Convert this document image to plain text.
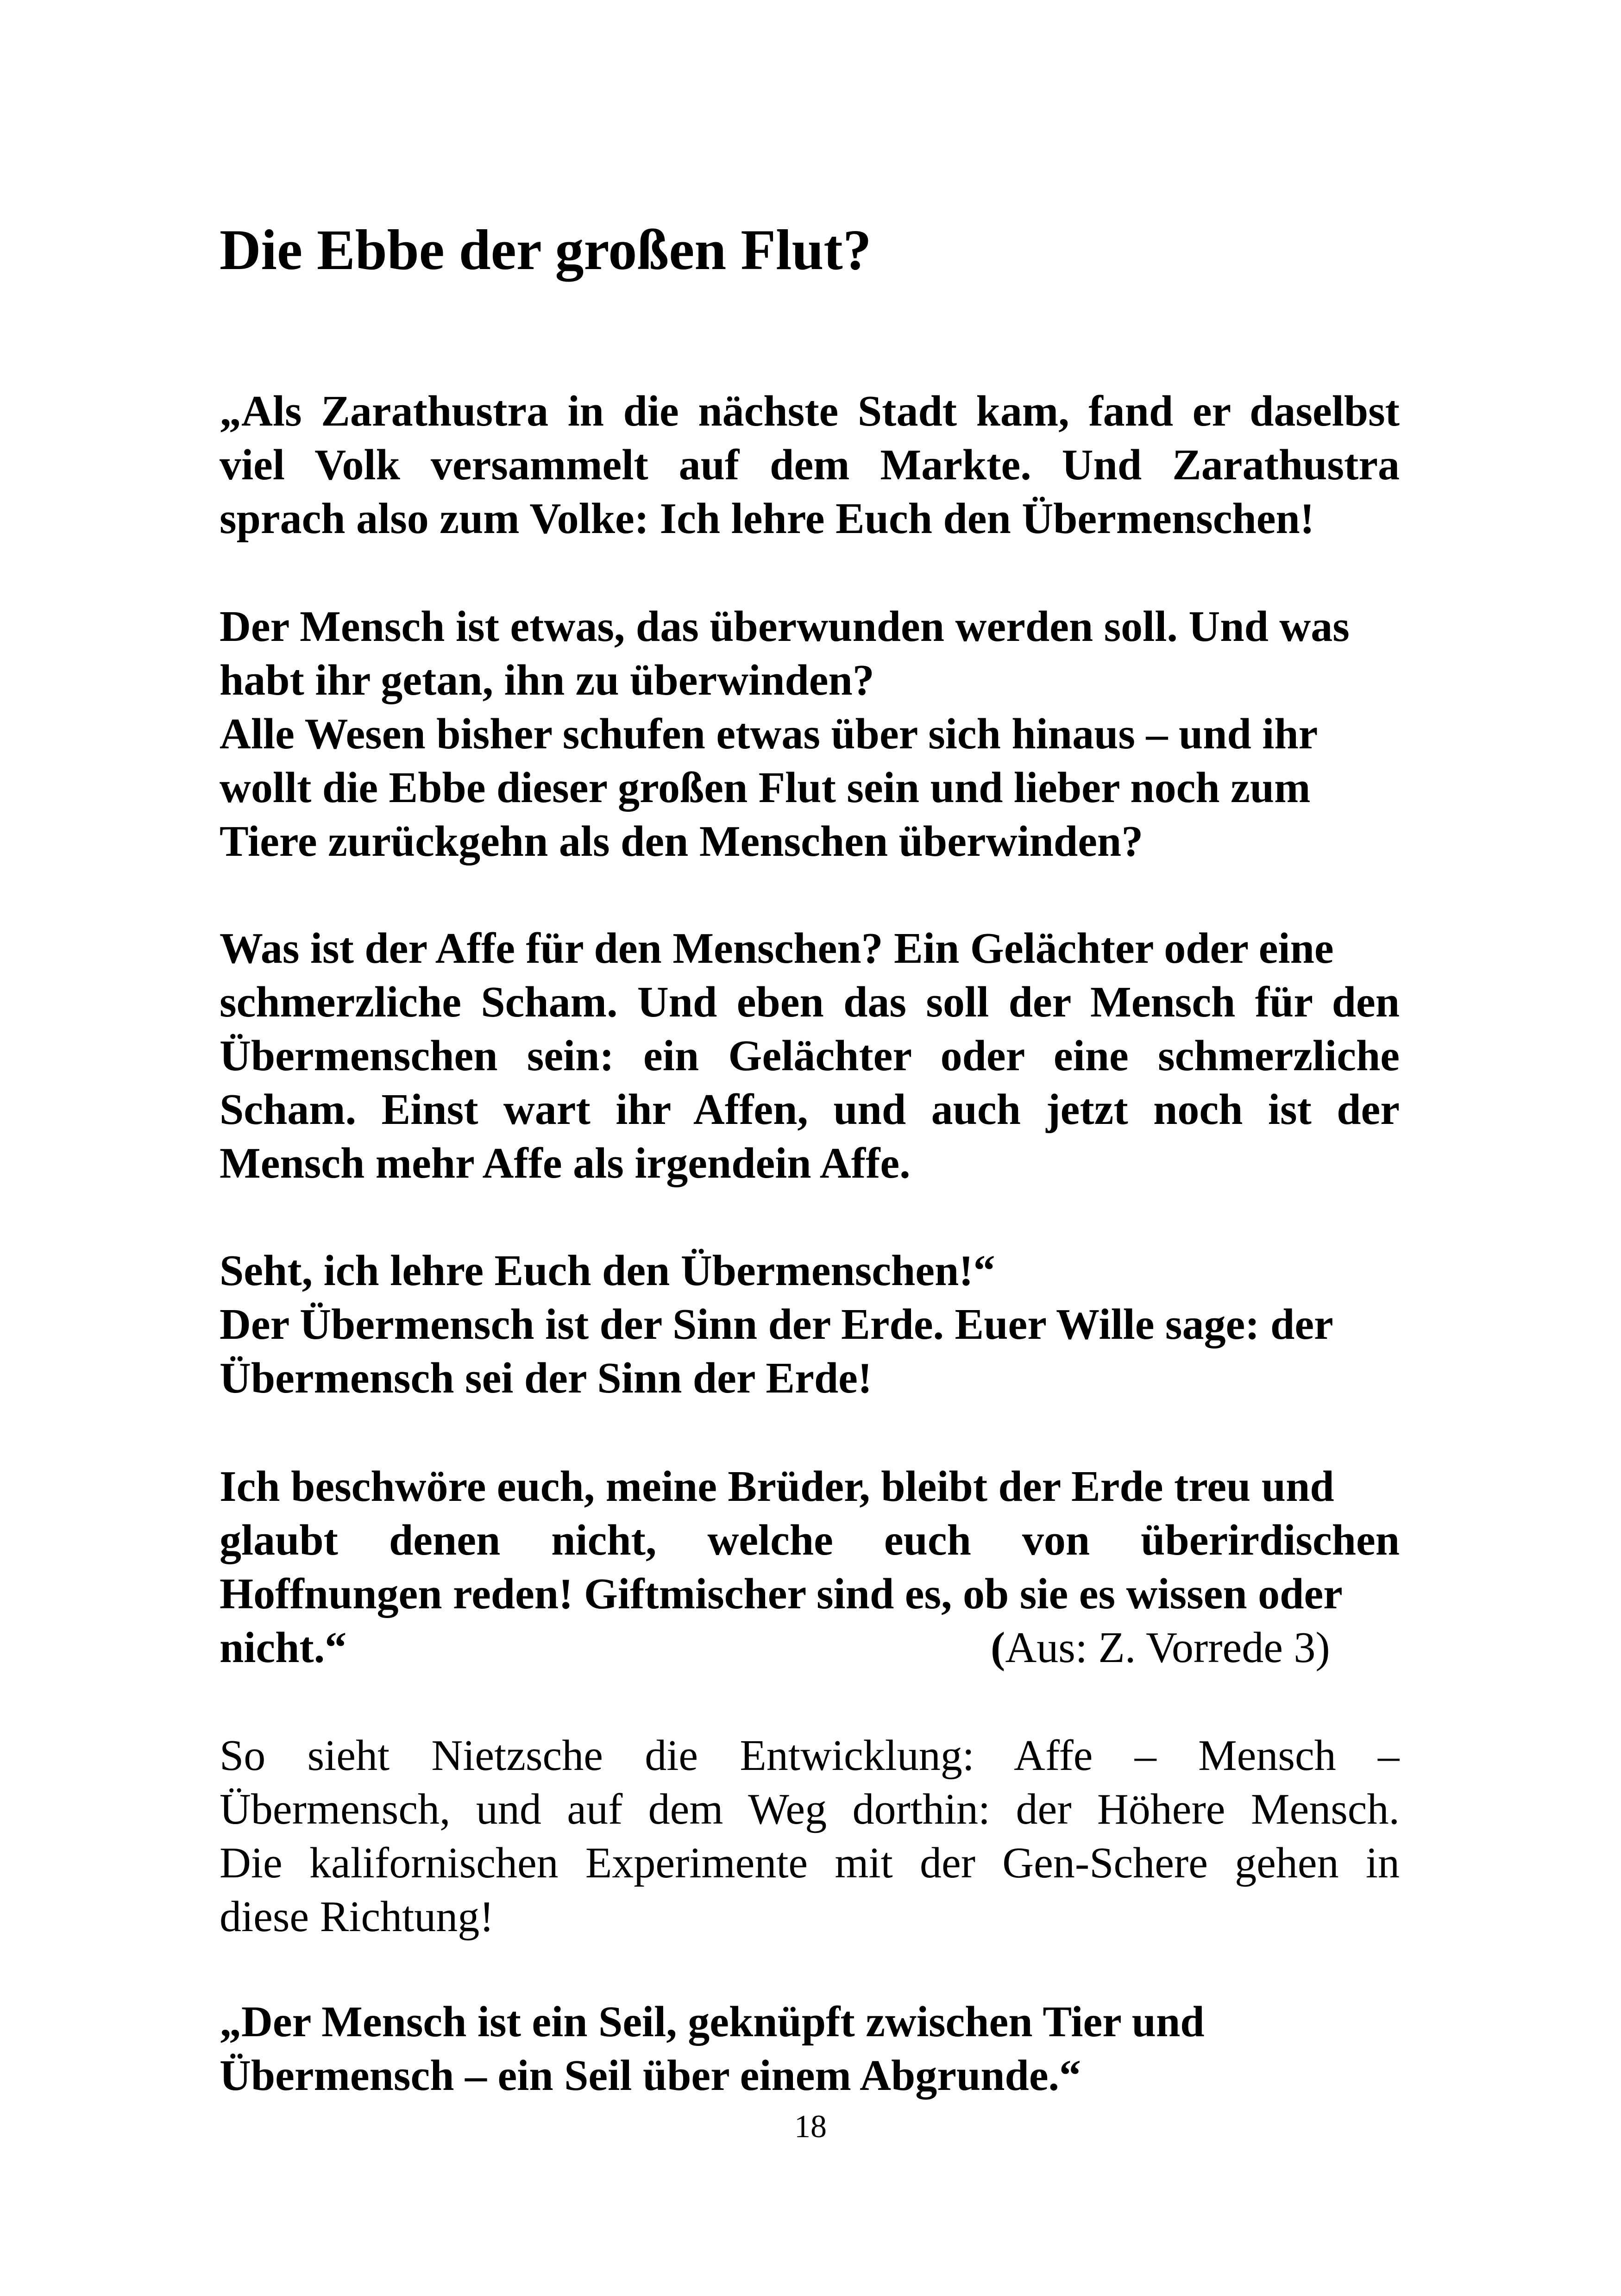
Die Ebbe der großen Flut?
„Als Zarathustra in die nächste Stadt kam, fand er daselbst
viel Volk versammelt auf dem Markte. Und Zarathustra
sprach also zum Volke: Ich lehre Euch den Übermenschen!
Der Mensch ist etwas, das überwunden werden soll. Und was
habt ihr getan, ihn zu überwinden?
Alle Wesen bisher schufen etwas über sich hinaus – und ihr
wollt die Ebbe dieser großen Flut sein und lieber noch zum
Tiere zurückgehn als den Menschen überwinden?
Was ist der Affe für den Menschen? Ein Gelächter oder eine
schmerzliche Scham. Und eben das soll der Mensch für den
Übermenschen sein: ein Gelächter oder eine schmerzliche
Scham. Einst wart ihr Affen, und auch jetzt noch ist der
Mensch mehr Affe als irgendein Affe.
Seht, ich lehre Euch den Übermenschen!“
Der Übermensch ist der Sinn der Erde. Euer Wille sage: der
Übermensch sei der Sinn der Erde!
Ich beschwöre euch, meine Brüder, bleibt der Erde treu und
glaubt denen nicht, welche euch von überirdischen
Hoffnungen reden! Giftmischer sind es, ob sie es wissen oder
nicht.“	(Aus: Z. Vorrede 3)
So sieht Nietzsche die Entwicklung: Affe – Mensch –
Übermensch, und auf dem Weg dorthin: der Höhere Mensch.
Die kalifornischen Experimente mit der Gen-Schere gehen in
diese Richtung!
„Der Mensch ist ein Seil, geknüpft zwischen Tier und
Übermensch – ein Seil über einem Abgrunde.“
18
